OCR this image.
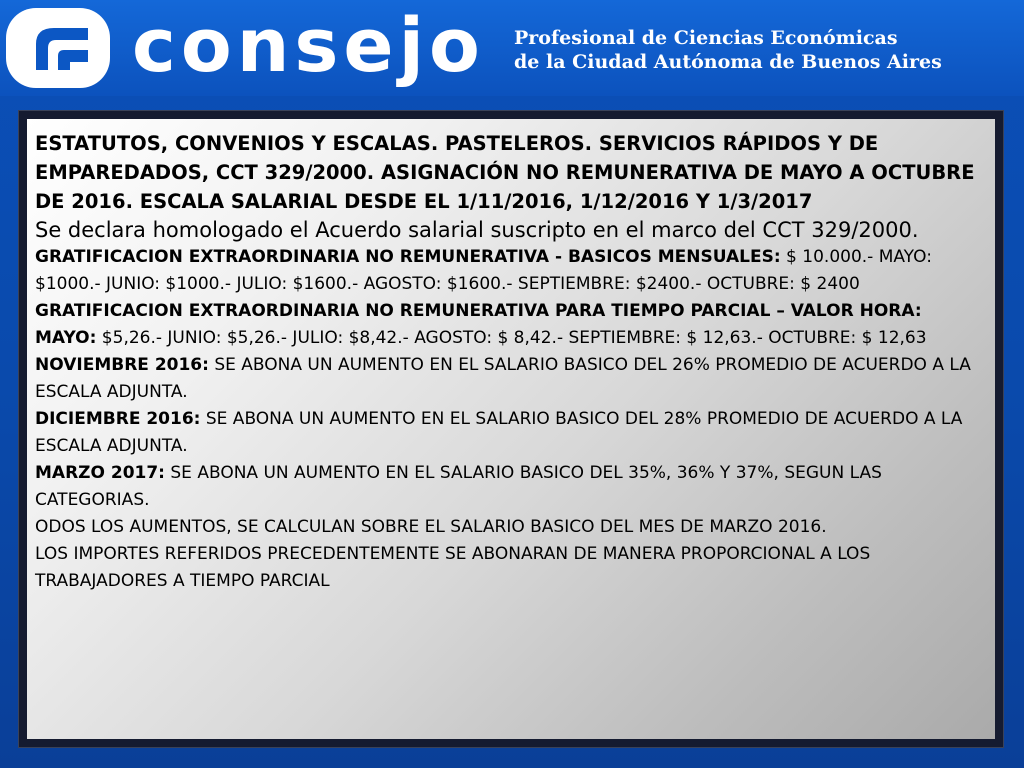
consejo Profesional de Ciencias Económicas
de la Ciudad Autónoma de Buenos Aires

ESTATUTOS, CONVENIOS Y ESCALAS. PASTELEROS. SERVICIOS RÁPIDOS Y DE EMPAREDADOS, CCT 329/2000. ASIGNACIÓN NO REMUNERATIVA DE MAYO A OCTUBRE DE 2016. ESCALA SALARIAL DESDE EL 1/11/2016, 1/12/2016 Y 1/3/2017

Se declara homologado el Acuerdo salarial suscripto en el marco del CCT 329/2000.

GRATIFICACION EXTRAORDINARIA NO REMUNERATIVA - BASICOS MENSUALES: $ 10.000.- MAYO: $1000.- JUNIO: $1000.- JULIO: $1600.- AGOSTO: $1600.- SEPTIEMBRE: $2400.- OCTUBRE: $ 2400

GRATIFICACION EXTRAORDINARIA NO REMUNERATIVA PARA TIEMPO PARCIAL – VALOR HORA: MAYO: $5,26.- JUNIO: $5,26.- JULIO: $8,42.- AGOSTO: $ 8,42.- SEPTIEMBRE: $ 12,63.- OCTUBRE: $ 12,63

NOVIEMBRE 2016: SE ABONA UN AUMENTO EN EL SALARIO BASICO DEL 26% PROMEDIO DE ACUERDO A LA ESCALA ADJUNTA.

DICIEMBRE 2016: SE ABONA UN AUMENTO EN EL SALARIO BASICO DEL 28% PROMEDIO DE ACUERDO A LA ESCALA ADJUNTA.

MARZO 2017: SE ABONA UN AUMENTO EN EL SALARIO BASICO DEL 35%, 36% Y 37%, SEGUN LAS CATEGORIAS.

ODOS LOS AUMENTOS, SE CALCULAN SOBRE EL SALARIO BASICO DEL MES DE MARZO 2016.

LOS IMPORTES REFERIDOS PRECEDENTEMENTE SE ABONARAN DE MANERA PROPORCIONAL A LOS TRABAJADORES A TIEMPO PARCIAL
